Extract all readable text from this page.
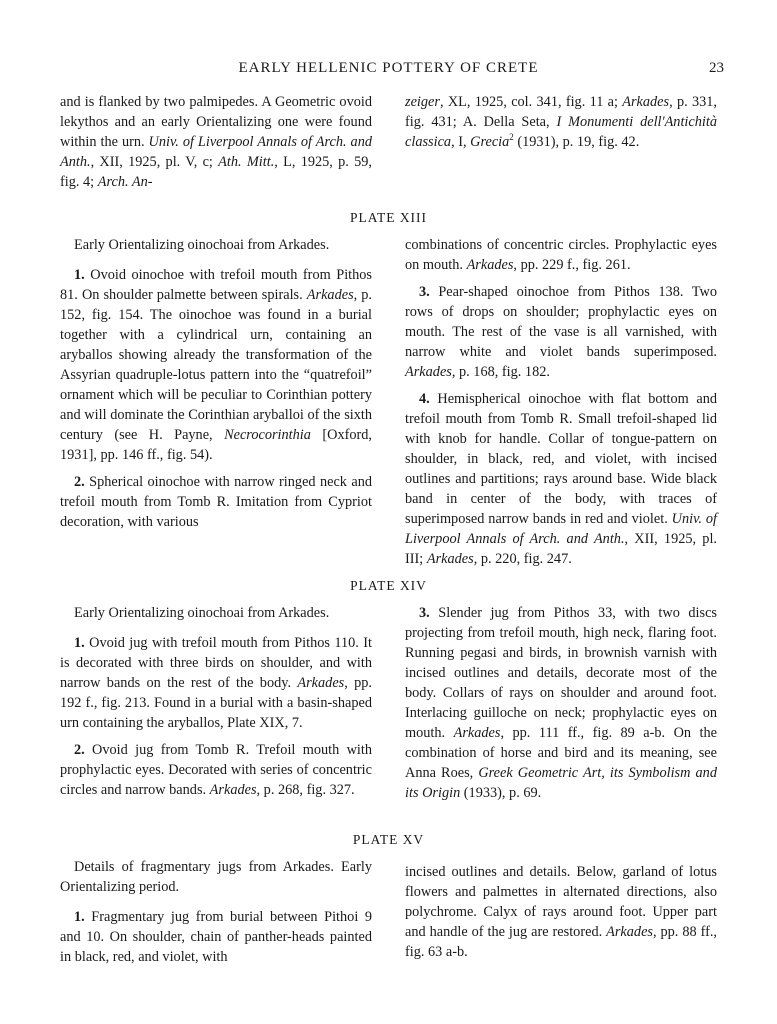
EARLY HELLENIC POTTERY OF CRETE	23

and is flanked by two palmipedes. A Geometric ovoid lekythos and an early Orientalizing one were found within the urn. Univ. of Liverpool Annals of Arch. and Anth., XII, 1925, pl. V, c; Ath. Mitt., L, 1925, p. 59, fig. 4; Arch. An-

zeiger, XL, 1925, col. 341, fig. 11 a; Arkades, p. 331, fig. 431; A. Della Seta, I Monumenti dell'Antichità classica, I, Grecia$^2$ (1931), p. 19, fig. 42.

PLATE XIII

Early Orientalizing oinochoai from Arkades.

1. Ovoid oinochoe with trefoil mouth from Pithos 81. On shoulder palmette between spirals. Arkades, p. 152, fig. 154. The oinochoe was found in a burial together with a cylindrical urn, containing an aryballos showing already the transformation of the Assyrian quadruple-lotus pattern into the “quatrefoil” ornament which will be peculiar to Corinthian pottery and will dominate the Corinthian aryballoi of the sixth century (see H. Payne, Necrocorinthia [Oxford, 1931], pp. 146 ff., fig. 54).

2. Spherical oinochoe with narrow ringed neck and trefoil mouth from Tomb R. Imitation from Cypriot decoration, with various

combinations of concentric circles. Prophylactic eyes on mouth. Arkades, pp. 229 f., fig. 261.

3. Pear-shaped oinochoe from Pithos 138. Two rows of drops on shoulder; prophylactic eyes on mouth. The rest of the vase is all varnished, with narrow white and violet bands superimposed. Arkades, p. 168, fig. 182.

4. Hemispherical oinochoe with flat bottom and trefoil mouth from Tomb R. Small trefoil-shaped lid with knob for handle. Collar of tongue-pattern on shoulder, in black, red, and violet, with incised outlines and partitions; rays around base. Wide black band in center of the body, with traces of superimposed narrow bands in red and violet. Univ. of Liverpool Annals of Arch. and Anth., XII, 1925, pl. III; Arkades, p. 220, fig. 247.

PLATE XIV

Early Orientalizing oinochoai from Arkades.

1. Ovoid jug with trefoil mouth from Pithos 110. It is decorated with three birds on shoulder, and with narrow bands on the rest of the body. Arkades, pp. 192 f., fig. 213. Found in a burial with a basin-shaped urn containing the aryballos, Plate XIX, 7.

2. Ovoid jug from Tomb R. Trefoil mouth with prophylactic eyes. Decorated with series of concentric circles and narrow bands. Arkades, p. 268, fig. 327.

3. Slender jug from Pithos 33, with two discs projecting from trefoil mouth, high neck, flaring foot. Running pegasi and birds, in brownish varnish with incised outlines and details, decorate most of the body. Collars of rays on shoulder and around foot. Interlacing guilloche on neck; prophylactic eyes on mouth. Arkades, pp. 111 ff., fig. 89 a-b. On the combination of horse and bird and its meaning, see Anna Roes, Greek Geometric Art, its Symbolism and its Origin (1933), p. 69.

PLATE XV

Details of fragmentary jugs from Arkades. Early Orientalizing period.

1. Fragmentary jug from burial between Pithoi 9 and 10. On shoulder, chain of panther-heads painted in black, red, and violet, with

incised outlines and details. Below, garland of lotus flowers and palmettes in alternated directions, also polychrome. Calyx of rays around foot. Upper part and handle of the jug are restored. Arkades, pp. 88 ff., fig. 63 a-b.
